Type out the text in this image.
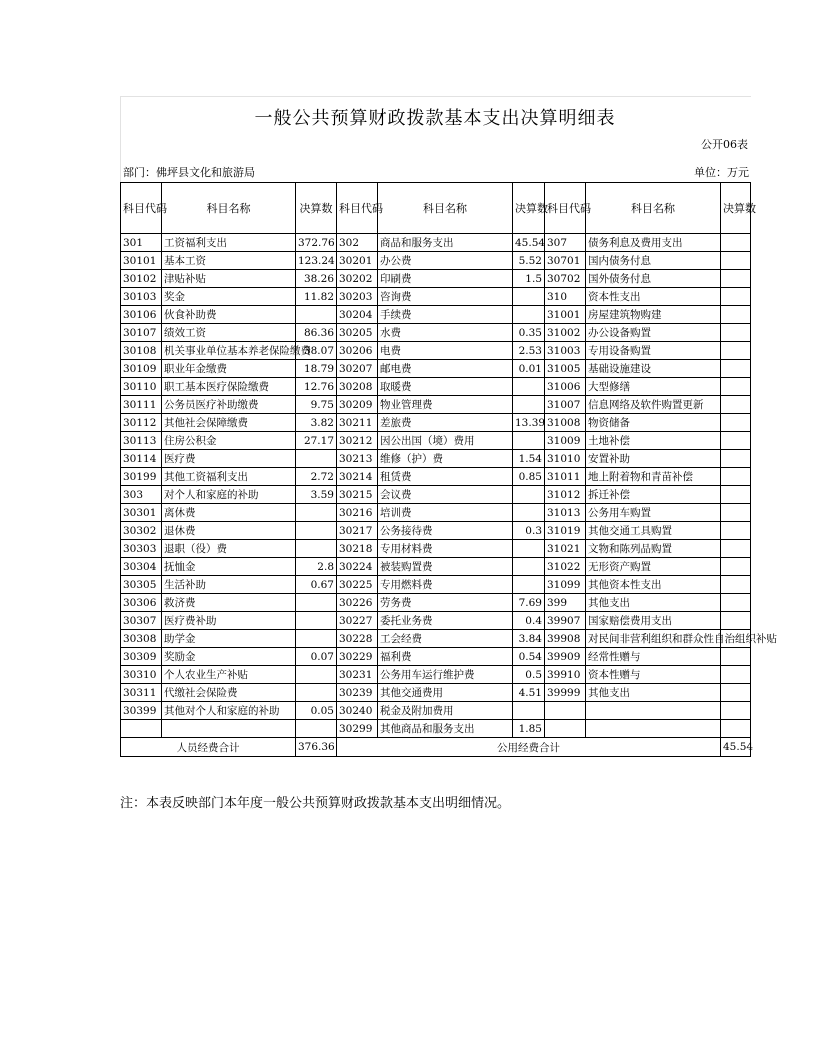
一般公共预算财政拨款基本支出决算明细表
公开06表
部门：佛坪县文化和旅游局	单位：万元
科目代码	科目名称	决算数	科目代码	科目名称	决算数	科目代码	科目名称	决算数
301	工资福利支出	372.76	302	商品和服务支出	45.54	307	债务利息及费用支出	
30101	基本工资	123.24	30201	办公费	5.52	30701	国内债务付息	
30102	津贴补贴	38.26	30202	印刷费	1.5	30702	国外债务付息	
30103	奖金	11.82	30203	咨询费		310	资本性支出	
30106	伙食补助费		30204	手续费		31001	房屋建筑物购建	
30107	绩效工资	86.36	30205	水费	0.35	31002	办公设备购置	
30108	机关事业单位基本养老保险缴费	38.07	30206	电费	2.53	31003	专用设备购置	
30109	职业年金缴费	18.79	30207	邮电费	0.01	31005	基础设施建设	
30110	职工基本医疗保险缴费	12.76	30208	取暖费		31006	大型修缮	
30111	公务员医疗补助缴费	9.75	30209	物业管理费		31007	信息网络及软件购置更新	
30112	其他社会保障缴费	3.82	30211	差旅费	13.39	31008	物资储备	
30113	住房公积金	27.17	30212	因公出国（境）费用		31009	土地补偿	
30114	医疗费		30213	维修（护）费	1.54	31010	安置补助	
30199	其他工资福利支出	2.72	30214	租赁费	0.85	31011	地上附着物和青苗补偿	
303	对个人和家庭的补助	3.59	30215	会议费		31012	拆迁补偿	
30301	离休费		30216	培训费		31013	公务用车购置	
30302	退休费		30217	公务接待费	0.3	31019	其他交通工具购置	
30303	退职（役）费		30218	专用材料费		31021	文物和陈列品购置	
30304	抚恤金	2.8	30224	被装购置费		31022	无形资产购置	
30305	生活补助	0.67	30225	专用燃料费		31099	其他资本性支出	
30306	救济费		30226	劳务费	7.69	399	其他支出	
30307	医疗费补助		30227	委托业务费	0.4	39907	国家赔偿费用支出	
30308	助学金		30228	工会经费	3.84	39908	对民间非营利组织和群众性自治组织补贴	
30309	奖励金	0.07	30229	福利费	0.54	39909	经常性赠与	
30310	个人农业生产补贴		30231	公务用车运行维护费	0.5	39910	资本性赠与	
30311	代缴社会保险费		30239	其他交通费用	4.51	39999	其他支出	
30399	其他对个人和家庭的补助	0.05	30240	税金及附加费用				
			30299	其他商品和服务支出	1.85			
人员经费合计		376.36	公用经费合计					45.54
注：本表反映部门本年度一般公共预算财政拨款基本支出明细情况。
